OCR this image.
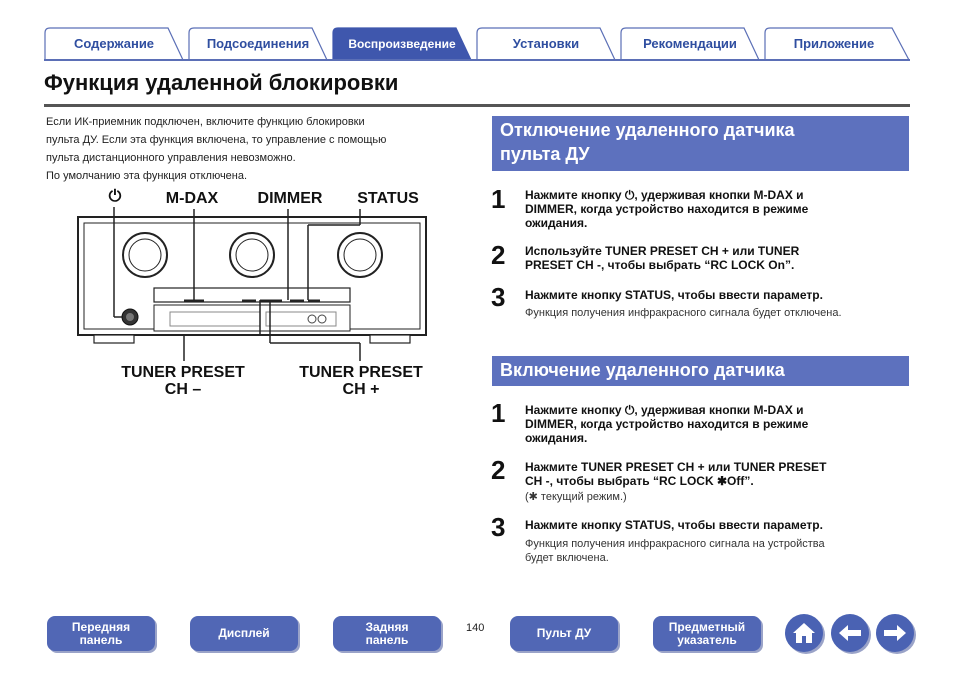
Содержание	Подсоединения	Воспроизведение	Установки	Рекомендации	Приложение
Функция удаленной блокировки
Если ИК-приемник подключен, включите функцию блокировки
пульта ДУ. Если эта функция включена, то управление с помощью
пульта дистанционного управления невозможно.
По умолчанию эта функция отключена.
⏻	M-DAX	DIMMER	STATUS
TUNER PRESET
CH –
TUNER PRESET
CH +
Отключение удаленного датчика
пульта ДУ
1 Нажмите кнопку ⏻, удерживая кнопки M-DAX и
DIMMER, когда устройство находится в режиме
ожидания.
2 Используйте TUNER PRESET CH + или TUNER
PRESET CH -, чтобы выбрать “RC LOCK On”.
3 Нажмите кнопку STATUS, чтобы ввести параметр.
Функция получения инфракрасного сигнала будет отключена.
Включение удаленного датчика
1 Нажмите кнопку ⏻, удерживая кнопки M-DAX и
DIMMER, когда устройство находится в режиме
ожидания.
2 Нажмите TUNER PRESET CH + или TUNER PRESET
CH -, чтобы выбрать “RC LOCK ✱Off”.
(✱ текущий режим.)
3 Нажмите кнопку STATUS, чтобы ввести параметр.
Функция получения инфракрасного сигнала на устройства
будет включена.
Передняя
панель	Дисплей	Задняя
панель
140	Пульт ДУ	Предметный
указатель
